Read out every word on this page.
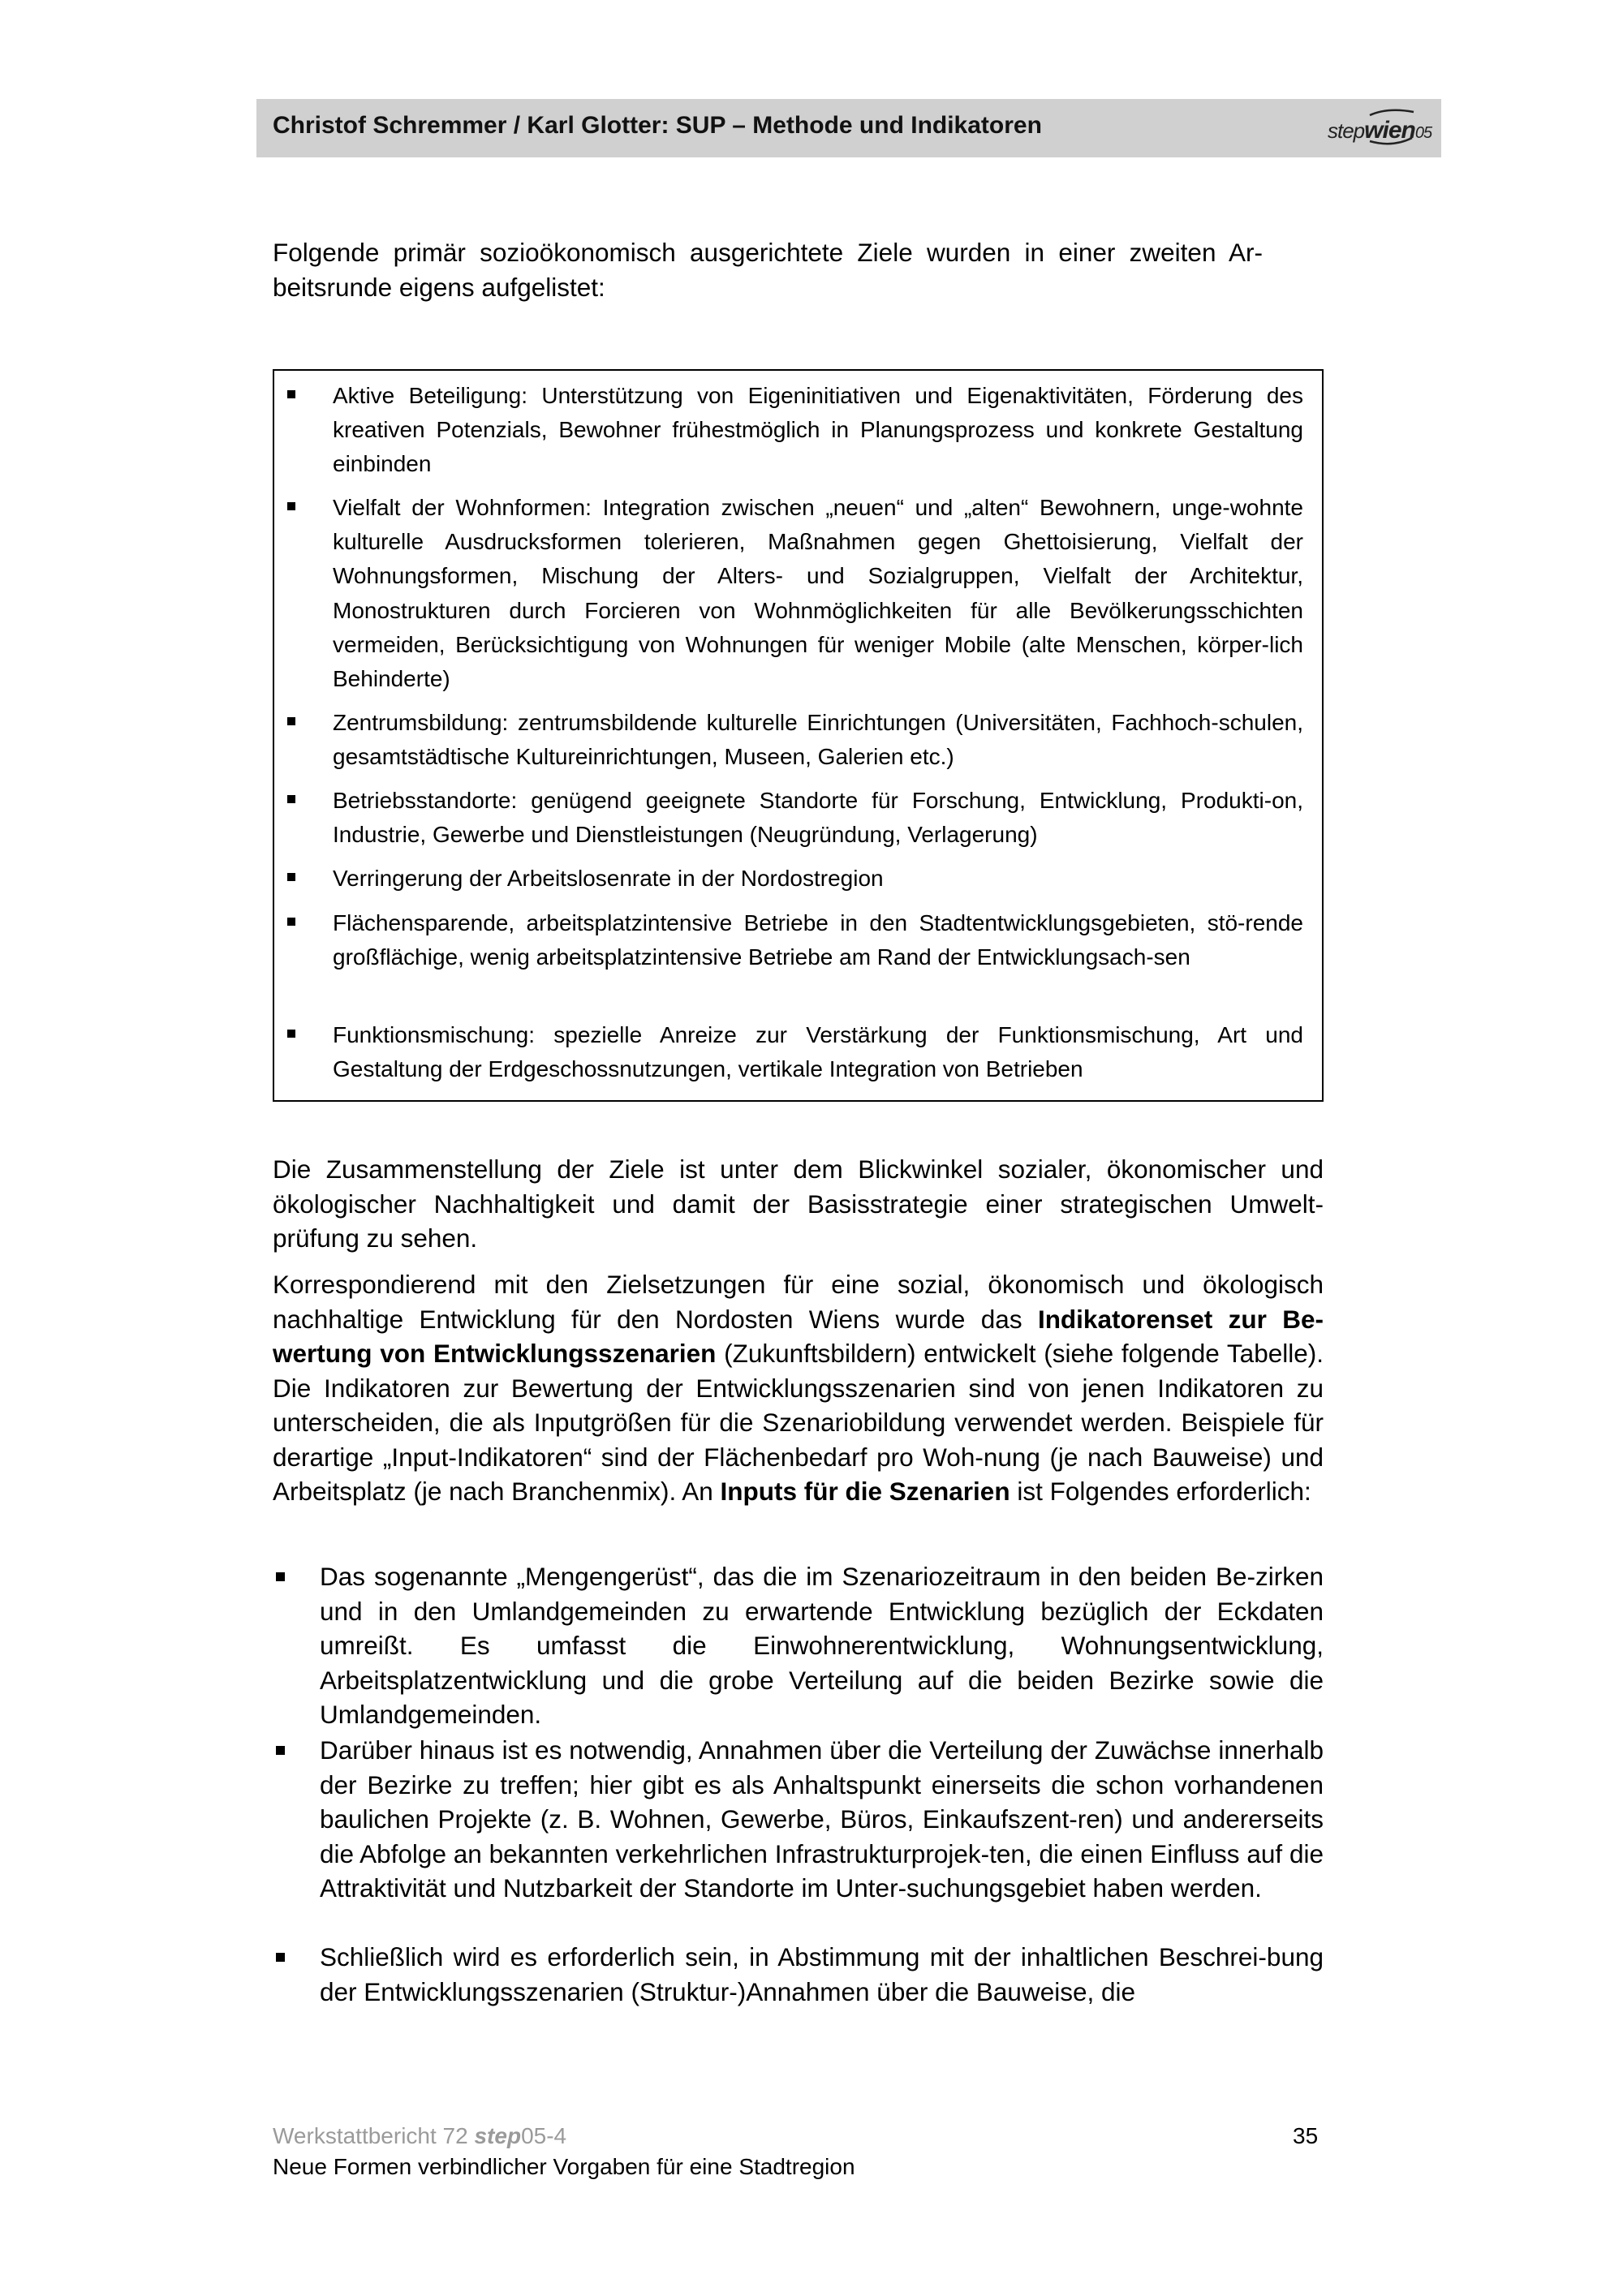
Christof Schremmer / Karl Glotter: SUP – Methode und Indikatoren	stepwien05
Folgende primär sozioökonomisch ausgerichtete Ziele wurden in einer zweiten Ar-beitsrunde eigens aufgelistet:
Aktive Beteiligung: Unterstützung von Eigeninitiativen und Eigenaktivitäten, Förderung des kreativen Potenzials, Bewohner frühestmöglich in Planungsprozess und konkrete Gestaltung einbinden
Vielfalt der Wohnformen: Integration zwischen „neuen“ und „alten“ Bewohnern, unge-wohnte kulturelle Ausdrucksformen tolerieren, Maßnahmen gegen Ghettoisierung, Vielfalt der Wohnungsformen, Mischung der Alters- und Sozialgruppen, Vielfalt der Architektur, Monostrukturen durch Forcieren von Wohnmöglichkeiten für alle Bevölkerungsschichten vermeiden, Berücksichtigung von Wohnungen für weniger Mobile (alte Menschen, körper-lich Behinderte)
Zentrumsbildung: zentrumsbildende kulturelle Einrichtungen (Universitäten, Fachhoch-schulen, gesamtstädtische Kultureinrichtungen, Museen, Galerien etc.)
Betriebsstandorte: genügend geeignete Standorte für Forschung, Entwicklung, Produkti-on, Industrie, Gewerbe und Dienstleistungen (Neugründung, Verlagerung)
Verringerung der Arbeitslosenrate in der Nordostregion
Flächensparende, arbeitsplatzintensive Betriebe in den Stadtentwicklungsgebieten, stö-rende großflächige, wenig arbeitsplatzintensive Betriebe am Rand der Entwicklungsach-sen
Funktionsmischung: spezielle Anreize zur Verstärkung der Funktionsmischung, Art und Gestaltung der Erdgeschossnutzungen, vertikale Integration von Betrieben
Die Zusammenstellung der Ziele ist unter dem Blickwinkel sozialer, ökonomischer und ökologischer Nachhaltigkeit und damit der Basisstrategie einer strategischen Umwelt-prüfung zu sehen.
Korrespondierend mit den Zielsetzungen für eine sozial, ökonomisch und ökologisch nachhaltige Entwicklung für den Nordosten Wiens wurde das Indikatorenset zur Be-wertung von Entwicklungsszenarien (Zukunftsbildern) entwickelt (siehe folgende Tabelle). Die Indikatoren zur Bewertung der Entwicklungsszenarien sind von jenen Indikatoren zu unterscheiden, die als Inputgrößen für die Szenariobildung verwendet werden. Beispiele für derartige „Input-Indikatoren“ sind der Flächenbedarf pro Woh-nung (je nach Bauweise) und Arbeitsplatz (je nach Branchenmix). An Inputs für die Szenarien ist Folgendes erforderlich:
Das sogenannte „Mengengerüst“, das die im Szenariozeitraum in den beiden Be-zirken und in den Umlandgemeinden zu erwartende Entwicklung bezüglich der Eckdaten umreißt. Es umfasst die Einwohnerentwicklung, Wohnungsentwicklung, Arbeitsplatzentwicklung und die grobe Verteilung auf die beiden Bezirke sowie die Umlandgemeinden.
Darüber hinaus ist es notwendig, Annahmen über die Verteilung der Zuwächse innerhalb der Bezirke zu treffen; hier gibt es als Anhaltspunkt einerseits die schon vorhandenen baulichen Projekte (z. B. Wohnen, Gewerbe, Büros, Einkaufszent-ren) und andererseits die Abfolge an bekannten verkehrlichen Infrastrukturprojek-ten, die einen Einfluss auf die Attraktivität und Nutzbarkeit der Standorte im Unter-suchungsgebiet haben werden.
Schließlich wird es erforderlich sein, in Abstimmung mit der inhaltlichen Beschrei-bung der Entwicklungsszenarien (Struktur-)Annahmen über die Bauweise, die
Werkstattbericht 72 step05-4
Neue Formen verbindlicher Vorgaben für eine Stadtregion
35
